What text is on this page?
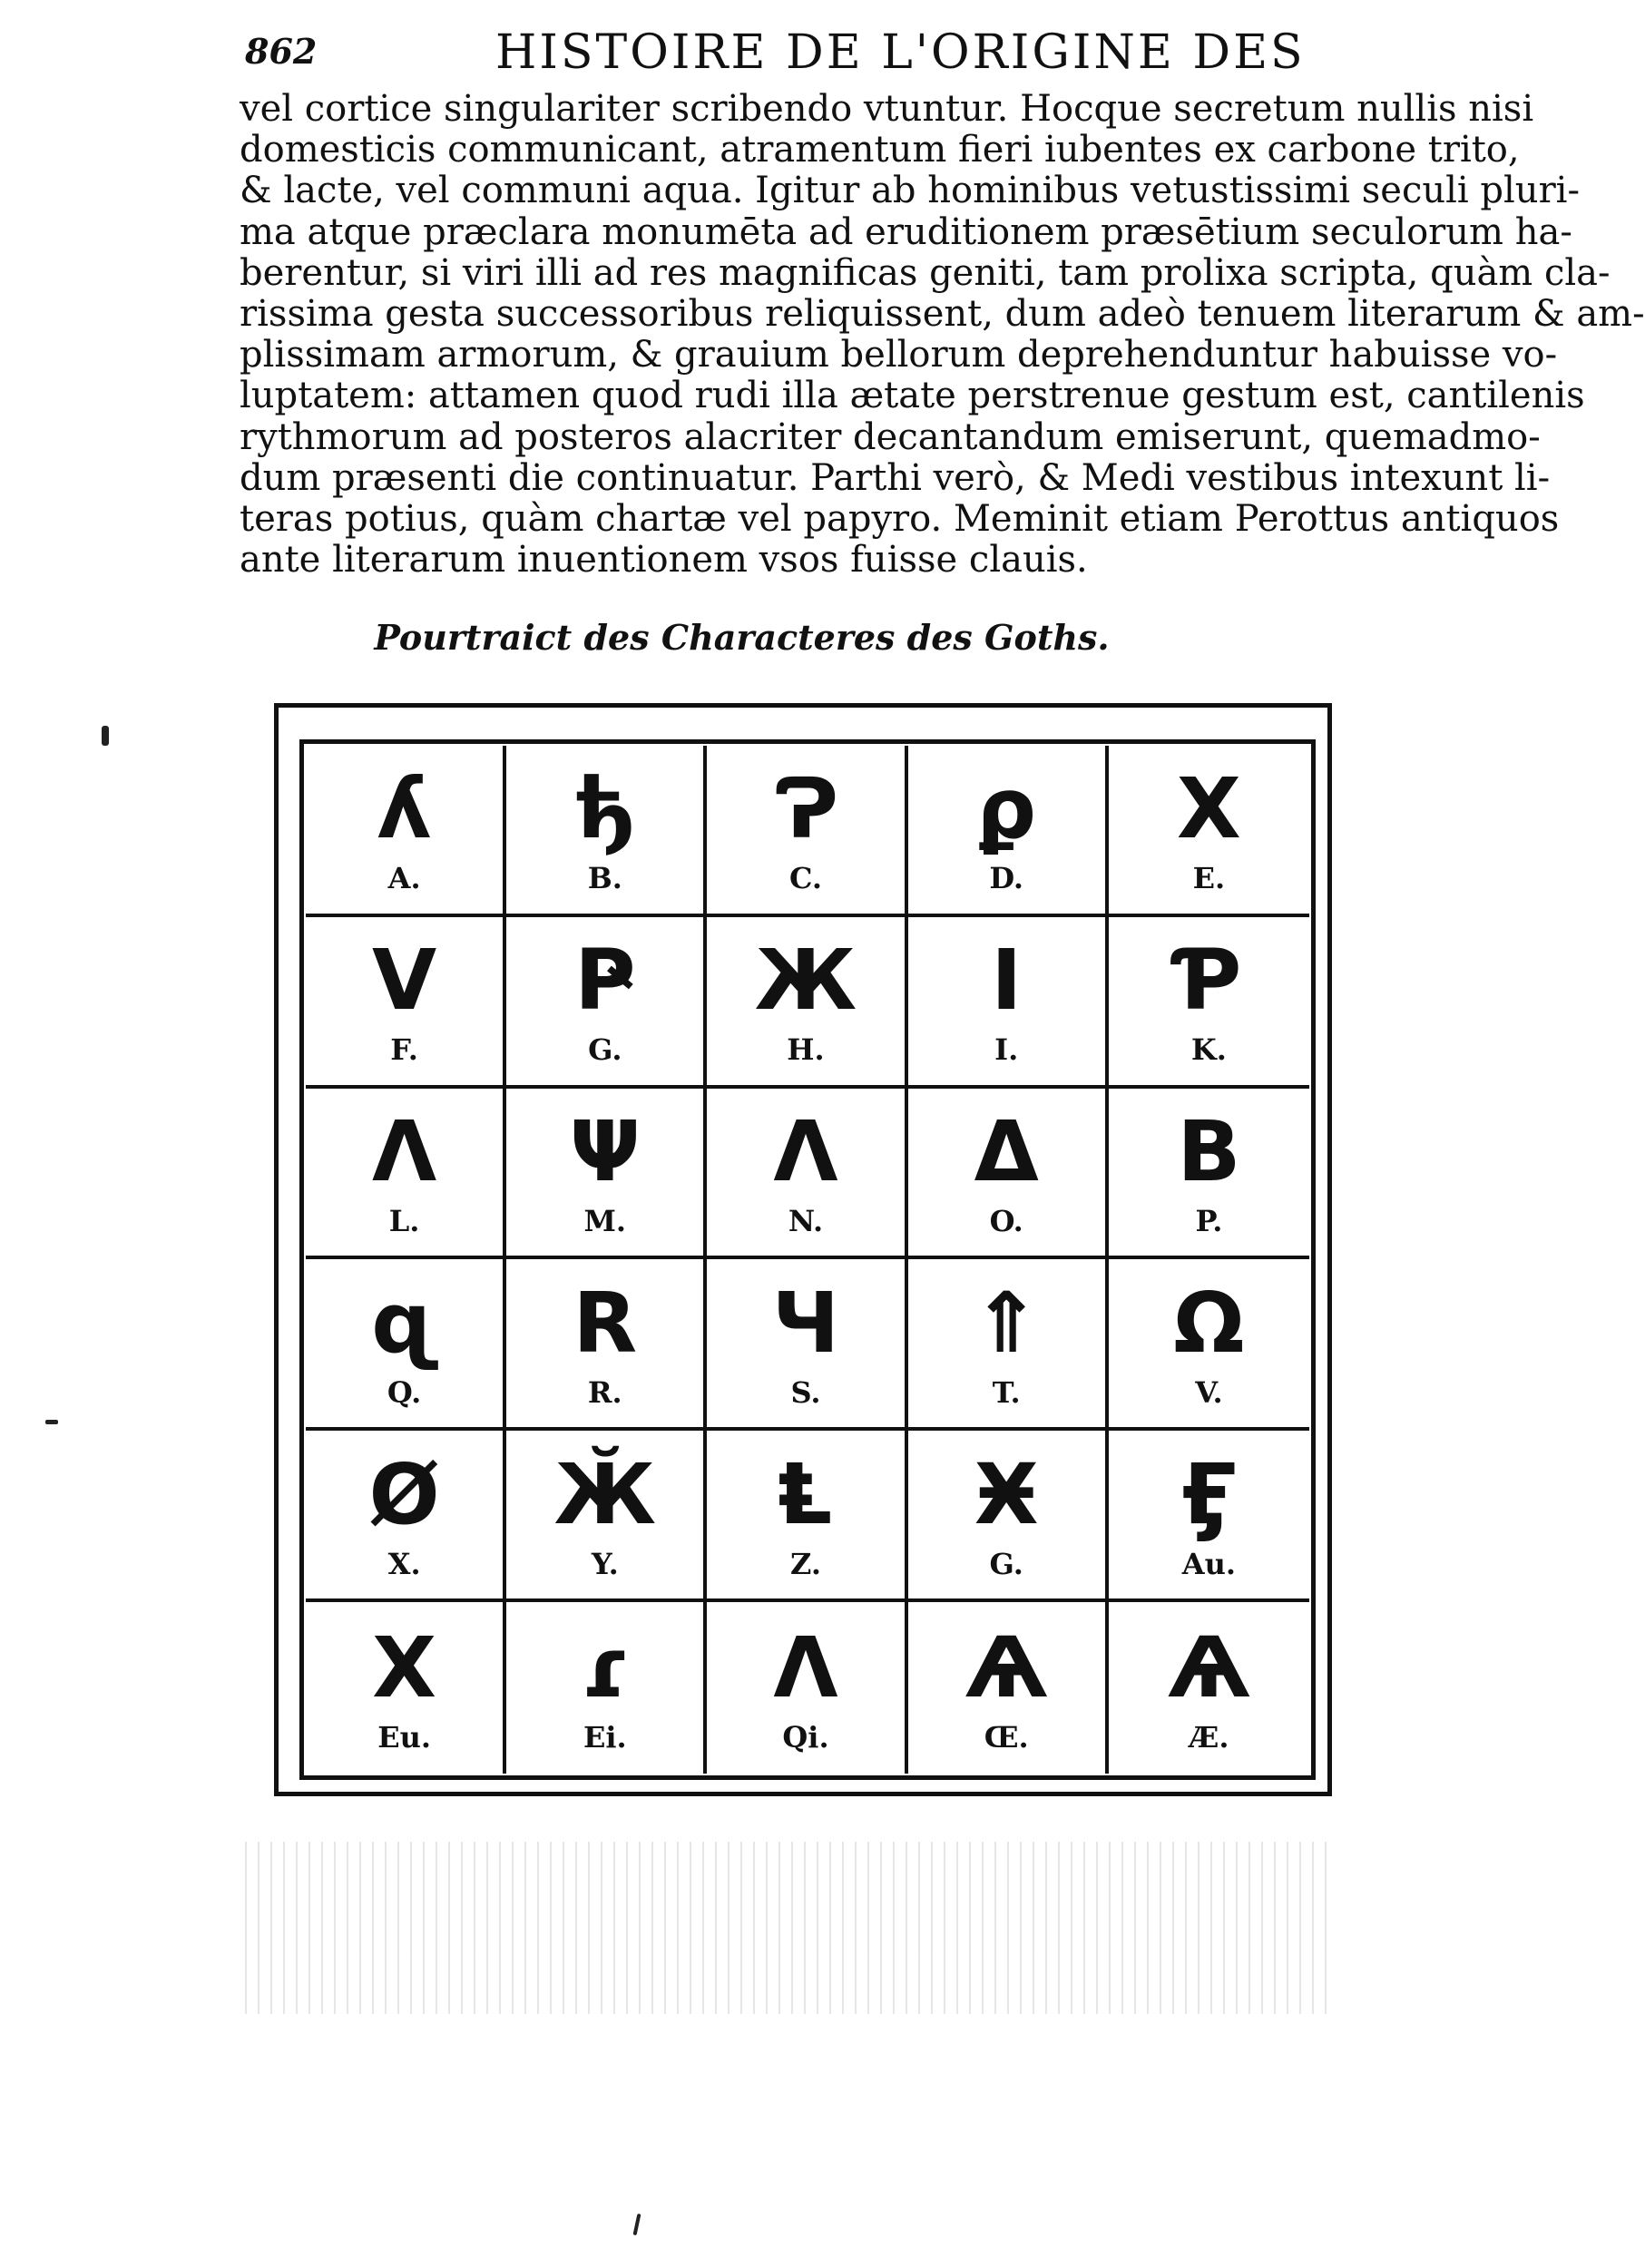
862	HISTOIRE DE L'ORIGINE DES

vel cortice singulariter scribendo vtuntur. Hocque secretum nullis nisi
domesticis communicant, atramentum fieri iubentes ex carbone trito,
& lacte, vel communi aqua. Igitur ab hominibus vetustissimi seculi pluri-
ma atque præclara monumēta ad eruditionem præsētium seculorum ha-
berentur, si viri illi ad res magnificas geniti, tam prolixa scripta, quàm cla-
rissima gesta successoribus reliquissent, dum adeò tenuem literarum & am-
plissimam armorum, & grauium bellorum deprehenduntur habuisse vo-
luptatem: attamen quod rudi illa ætate perstrenue gestum est, cantilenis
rythmorum ad posteros alacriter decantandum emiserunt, quemadmo-
dum præsenti die continuatur. Parthi verò, & Medi vestibus intexunt li-
teras potius, quàm chartæ vel papyro. Meminit etiam Perottus antiquos
ante literarum inuentionem vsos fuisse clauis.

Pourtraict des Characteres des Goths.
ʎ
A.
ђ
B.
Ɂ
C.
ϼ
D.
Х
E.
V
F.
Ҏ
G.
Ж
H.
I
I.
Ƥ
K.
Ʌ
L.
Ψ
M.
Λ
N.
Δ
O.
В
P.
ɋ
Q.
R
R.
Ч
S.
⇑
T.
Ω
V.
Ø
X.
Ӂ
Y.
Ⱡ
Z.
Ӿ
G.
Ӻ
Au.
Х
Eu.
ɾ
Ei.
Λ
Qi.
Ѧ
Œ.
Ѧ
Æ.
